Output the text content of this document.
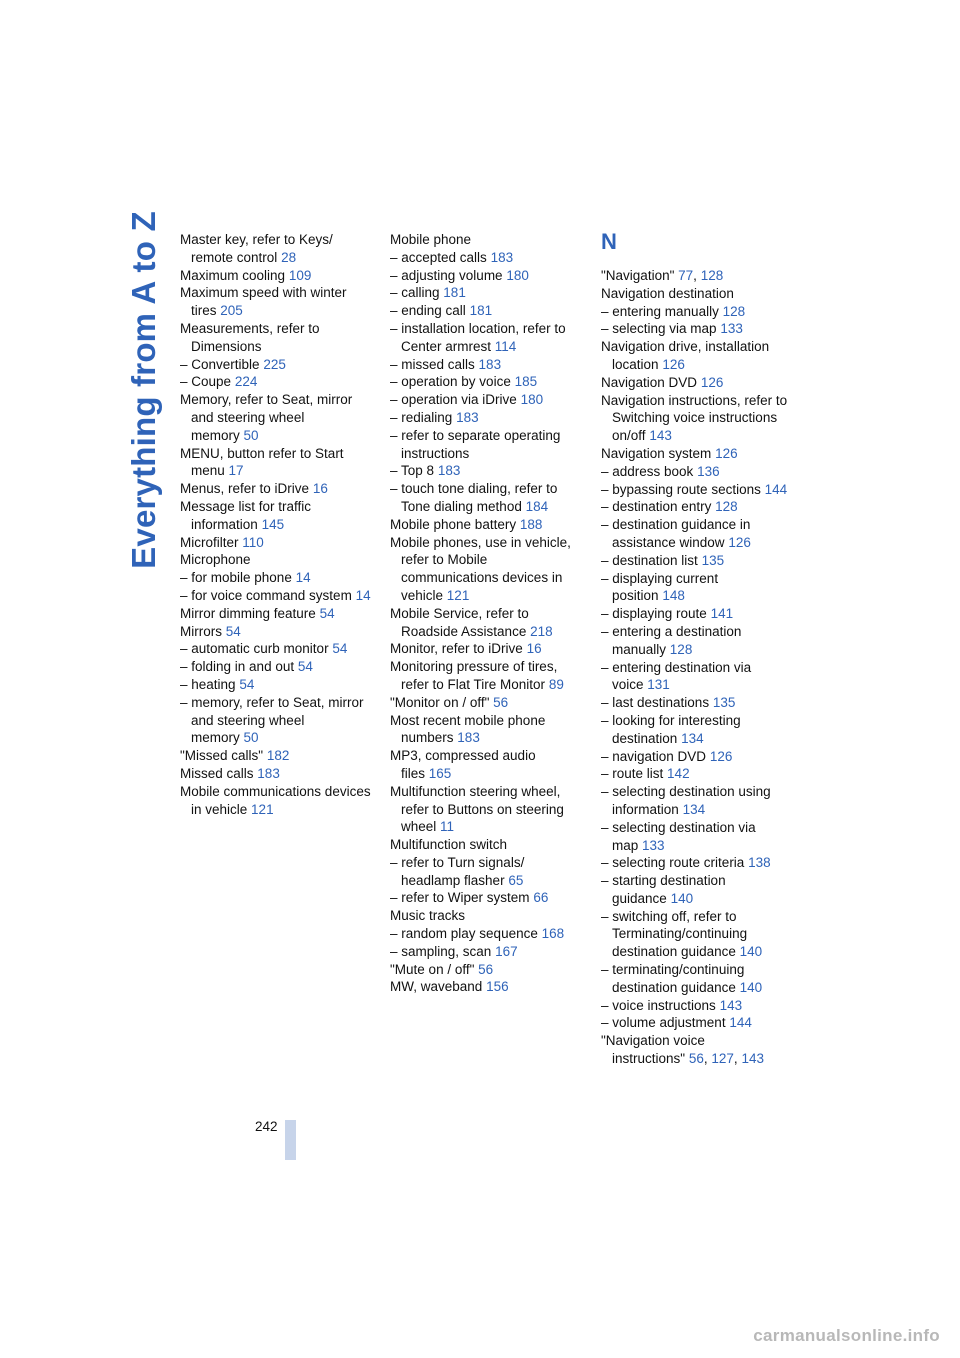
Everything from A to Z Master key, refer to Keys/ remote control 28
Maximum cooling 109
Maximum speed with winter tires 205
Measurements, refer to Dimensions
– Convertible 225
– Coupe 224
Memory, refer to Seat, mirror and steering wheel memory 50
MENU, button refer to Start menu 17
Menus, refer to iDrive 16
Message list for traffic information 145
Microfilter 110
Microphone
– for mobile phone 14
– for voice command system 14
Mirror dimming feature 54
Mirrors 54
– automatic curb monitor 54
– folding in and out 54
– heating 54
– memory, refer to Seat, mirror and steering wheel memory 50
"Missed calls" 182
Missed calls 183
Mobile communications devices in vehicle 121
Mobile phone
– accepted calls 183
– adjusting volume 180
– calling 181
– ending call 181
– installation location, refer to Center armrest 114
– missed calls 183
– operation by voice 185
– operation via iDrive 180
– redialing 183
– refer to separate operating instructions
– Top 8 183
– touch tone dialing, refer to Tone dialing method 184
Mobile phone battery 188
Mobile phones, use in vehicle, refer to Mobile communications devices in vehicle 121
Mobile Service, refer to Roadside Assistance 218
Monitor, refer to iDrive 16
Monitoring pressure of tires, refer to Flat Tire Monitor 89
"Monitor on / off" 56
Most recent mobile phone numbers 183
MP3, compressed audio files 165
Multifunction steering wheel, refer to Buttons on steering wheel 11
Multifunction switch
– refer to Turn signals/ headlamp flasher 65
– refer to Wiper system 66
Music tracks
– random play sequence 168
– sampling, scan 167
"Mute on / off" 56
MW, waveband 156
N
"Navigation" 77, 128
Navigation destination
– entering manually 128
– selecting via map 133
Navigation drive, installation location 126
Navigation DVD 126
Navigation instructions, refer to Switching voice instructions on/off 143
Navigation system 126
– address book 136
– bypassing route sections 144
– destination entry 128
– destination guidance in assistance window 126
– destination list 135
– displaying current position 148
– displaying route 141
– entering a destination manually 128
– entering destination via voice 131
– last destinations 135
– looking for interesting destination 134
– navigation DVD 126
– route list 142
– selecting destination using information 134
– selecting destination via map 133
– selecting route criteria 138
– starting destination guidance 140
– switching off, refer to Terminating/continuing destination guidance 140
– terminating/continuing destination guidance 140
– voice instructions 143
– volume adjustment 144
"Navigation voice instructions" 56, 127, 143
242
carmanualsonline.info
